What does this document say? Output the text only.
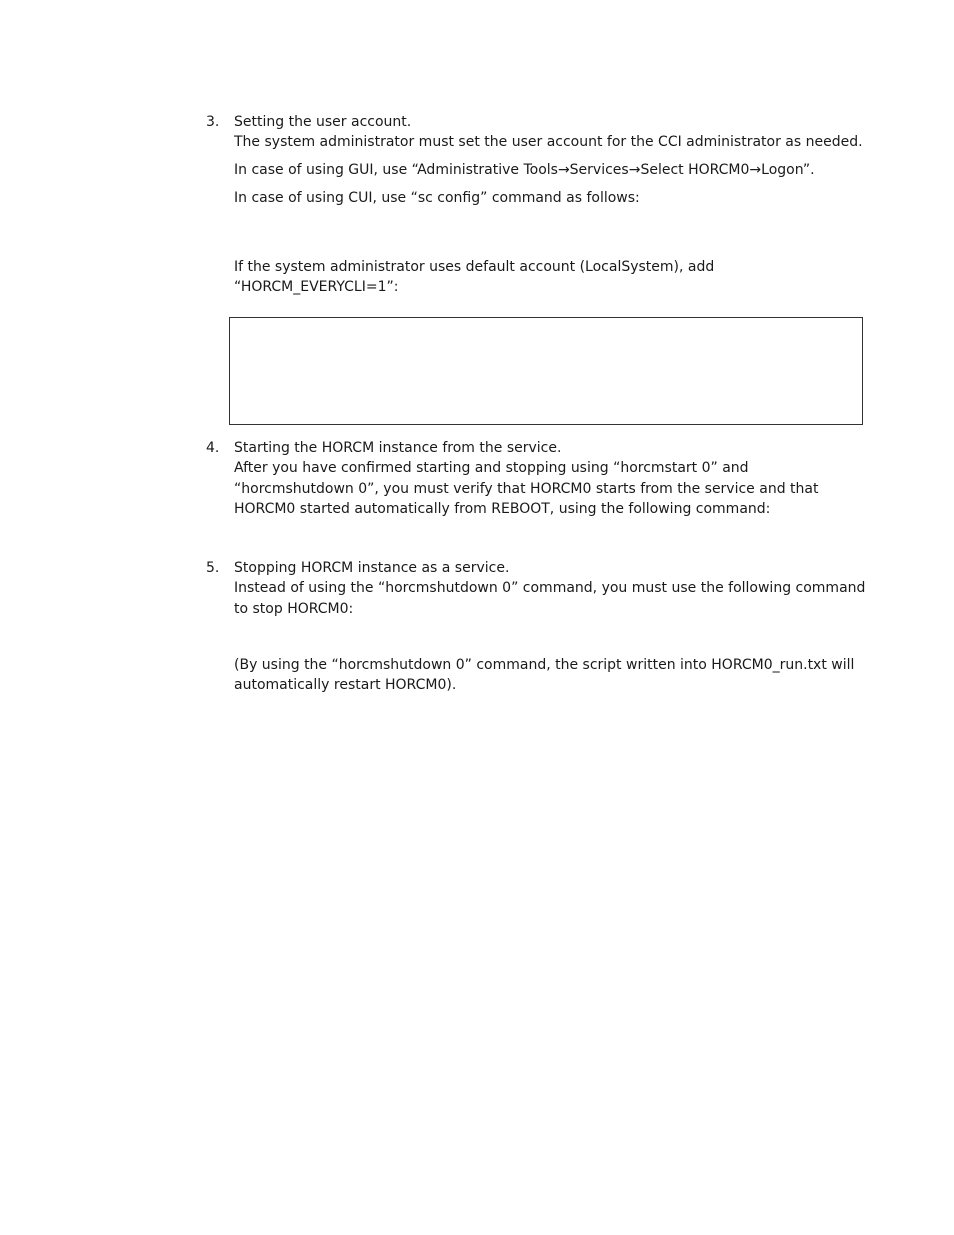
3. Setting the user account.
The system administrator must set the user account for the CCI administrator as needed.
In case of using GUI, use “Administrative Tools→Services→Select HORCM0→Logon”.
In case of using CUI, use “sc config” command as follows:
If the system administrator uses default account (LocalSystem), add
“HORCM_EVERYCLI=1”:
4. Starting the HORCM instance from the service.
After you have confirmed starting and stopping using “horcmstart 0” and
“horcmshutdown 0”, you must verify that HORCM0 starts from the service and that
HORCM0 started automatically from REBOOT, using the following command:
5. Stopping HORCM instance as a service.
Instead of using the “horcmshutdown 0” command, you must use the following command
to stop HORCM0:
(By using the “horcmshutdown 0” command, the script written into HORCM0_run.txt will
automatically restart HORCM0).
